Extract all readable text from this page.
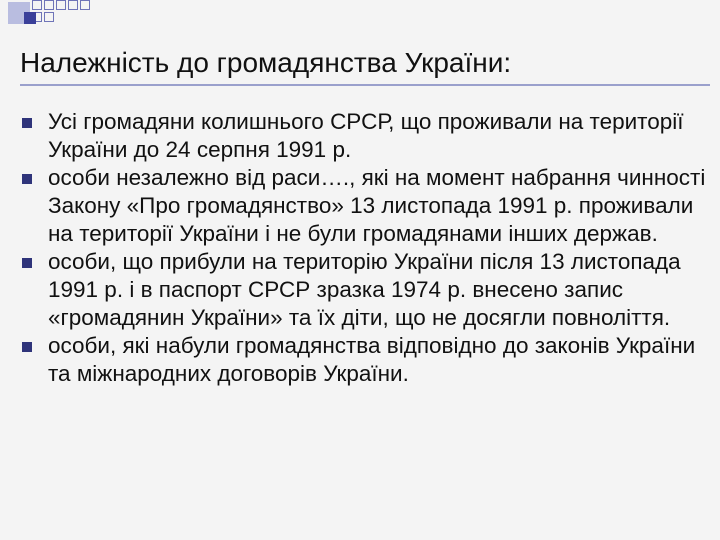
Належність до громадянства України:
Усі громадяни колишнього СРСР, що проживали на території України до 24 серпня 1991 р.
особи незалежно від раси…., які на момент набрання чинності Закону «Про громадянство» 13 листопада 1991 р. проживали на території України і не були громадянами інших держав.
особи, що прибули на територію України після 13 листопада 1991 р. і в паспорт СРСР зразка 1974 р. внесено запис «громадянин України» та їх діти, що не досягли повноліття.
особи, які набули громадянства відповідно до законів України та міжнародних договорів України.
